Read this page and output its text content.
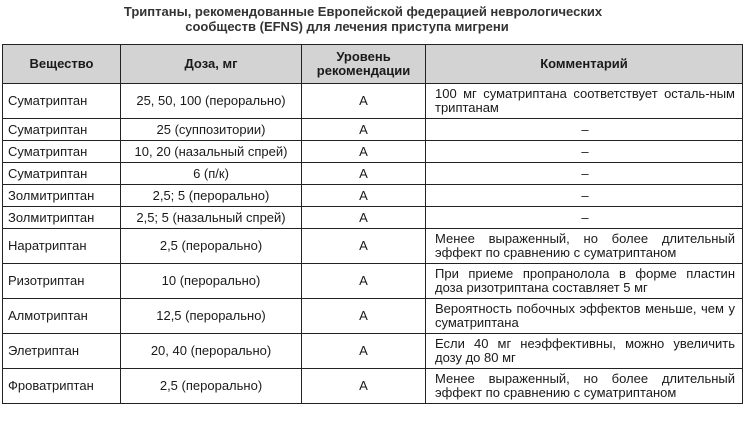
Триптаны, рекомендованные Европейской федерацией неврологических
сообществ (EFNS) для лечения приступа мигрени
Вещество	Доза, мг	Уровень рекомендации	Комментарий
Суматриптан	25, 50, 100 (перорально)	A	100 мг суматриптана соответствует осталь-ным триптанам
Суматриптан	25 (суппозитории)	A	–
Суматриптан	10, 20 (назальный спрей)	A	–
Суматриптан	6 (п/к)	A	–
Золмитриптан	2,5; 5 (перорально)	A	–
Золмитриптан	2,5; 5 (назальный спрей)	A	–
Наратриптан	2,5 (перорально)	A	Менее выраженный, но более длительный эффект по сравнению с суматриптаном
Ризотриптан	10 (перорально)	A	При приеме пропранолола в форме пластин доза ризотриптана составляет 5 мг
Алмотриптан	12,5 (перорально)	A	Вероятность побочных эффектов меньше, чем у суматриптана
Элетриптан	20, 40 (перорально)	A	Если 40 мг неэффективны, можно увеличить дозу до 80 мг
Фроватриптан	2,5 (перорально)	A	Менее выраженный, но более длительный эффект по сравнению с суматриптаном
